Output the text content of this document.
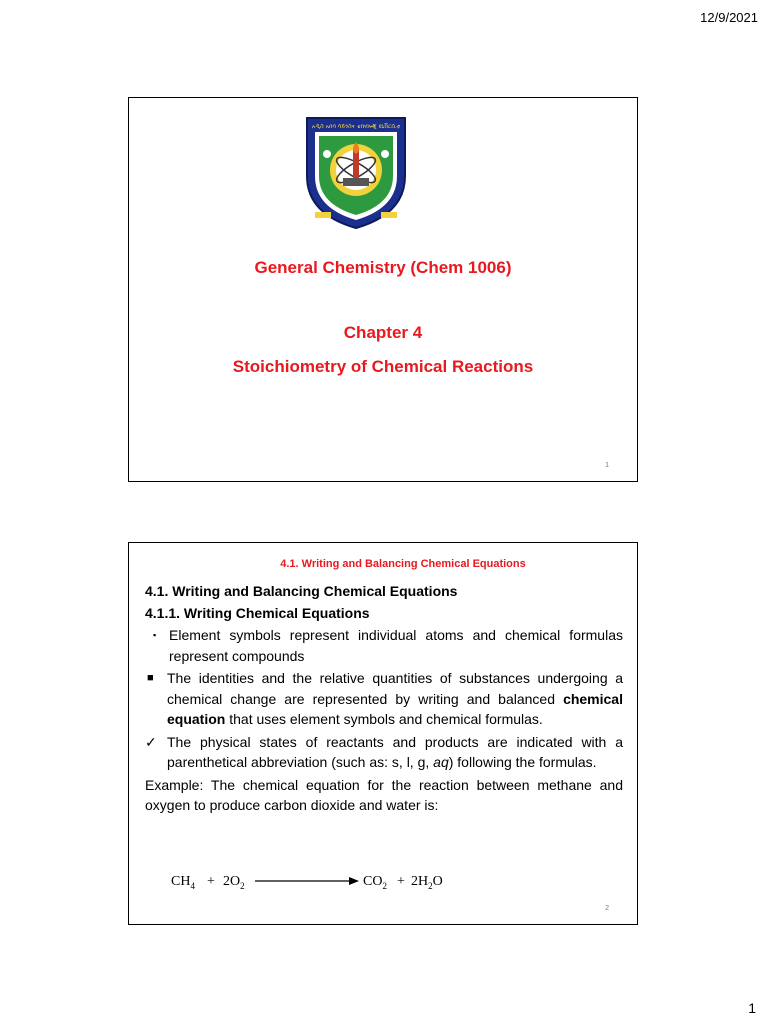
12/9/2021
አዲስ አበባ ሳይንስና ቴክኖሎጂ ዩኒቨርሲቲ
General Chemistry (Chem 1006)
Chapter 4
Stoichiometry of Chemical Reactions
1
4.1. Writing and Balancing Chemical Equations
4.1. Writing and Balancing Chemical Equations
4.1.1. Writing Chemical Equations
▪ Element symbols represent individual atoms and chemical formulas represent compounds
■ The identities and the relative quantities of substances undergoing a chemical change are represented by writing and balanced chemical equation that uses element symbols and chemical formulas.
✓ The physical states of reactants and products are indicated with a parenthetical abbreviation (such as: s, l, g, aq) following the formulas.
Example: The chemical equation for the reaction between methane and oxygen to produce carbon dioxide and water is:
$CH_4 + 2O_2$	$CO_2 + 2H_2O$
2
1
